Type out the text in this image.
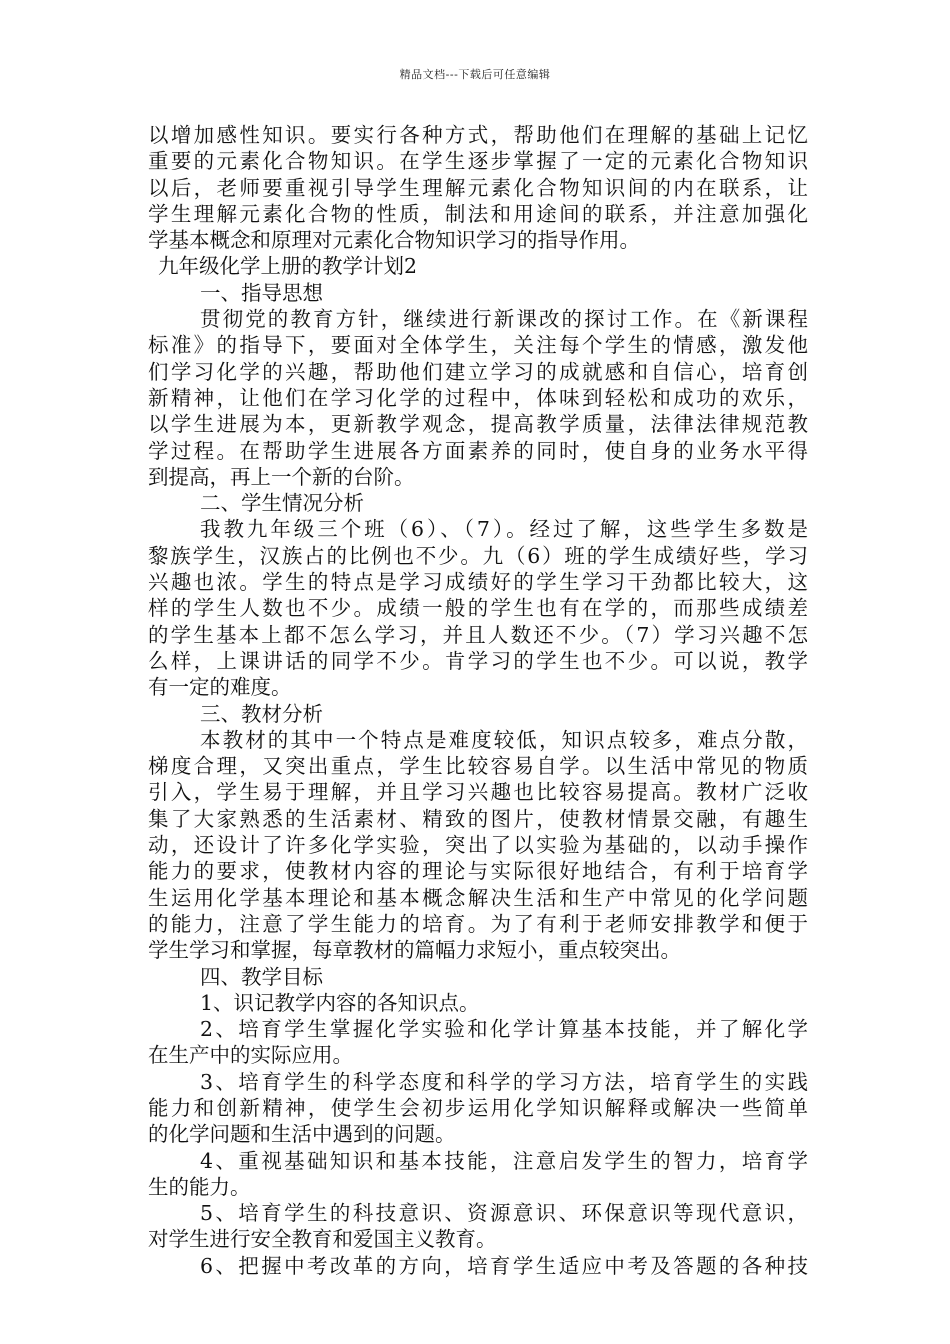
精品文档---下载后可任意编辑
以增加感性知识。要实行各种方式，帮助他们在理解的基础上记忆
重要的元素化合物知识。在学生逐步掌握了一定的元素化合物知识
以后，老师要重视引导学生理解元素化合物知识间的内在联系，让
学生理解元素化合物的性质，制法和用途间的联系，并注意加强化
学基本概念和原理对元素化合物知识学习的指导作用。
九年级化学上册的教学计划2
一、指导思想
贯彻党的教育方针，继续进行新课改的探讨工作。在《新课程
标准》的指导下，要面对全体学生，关注每个学生的情感，激发他
们学习化学的兴趣，帮助他们建立学习的成就感和自信心，培育创
新精神，让他们在学习化学的过程中，体味到轻松和成功的欢乐，
以学生进展为本，更新教学观念，提高教学质量，法律法律规范教
学过程。在帮助学生进展各方面素养的同时，使自身的业务水平得
到提高，再上一个新的台阶。
二、学生情况分析
我教九年级三个班（6）、（7）。经过了解，这些学生多数是
黎族学生，汉族占的比例也不少。九（6）班的学生成绩好些，学习
兴趣也浓。学生的特点是学习成绩好的学生学习干劲都比较大，这
样的学生人数也不少。成绩一般的学生也有在学的，而那些成绩差
的学生基本上都不怎么学习，并且人数还不少。（7）学习兴趣不怎
么样，上课讲话的同学不少。肯学习的学生也不少。可以说，教学
有一定的难度。
三、教材分析
本教材的其中一个特点是难度较低，知识点较多，难点分散，
梯度合理，又突出重点，学生比较容易自学。以生活中常见的物质
引入，学生易于理解，并且学习兴趣也比较容易提高。教材广泛收
集了大家熟悉的生活素材、精致的图片，使教材情景交融，有趣生
动，还设计了许多化学实验，突出了以实验为基础的，以动手操作
能力的要求，使教材内容的理论与实际很好地结合，有利于培育学
生运用化学基本理论和基本概念解决生活和生产中常见的化学问题
的能力，注意了学生能力的培育。为了有利于老师安排教学和便于
学生学习和掌握，每章教材的篇幅力求短小，重点较突出。
四、教学目标
1、识记教学内容的各知识点。
2、培育学生掌握化学实验和化学计算基本技能，并了解化学
在生产中的实际应用。
3、培育学生的科学态度和科学的学习方法，培育学生的实践
能力和创新精神，使学生会初步运用化学知识解释或解决一些简单
的化学问题和生活中遇到的问题。
4、重视基础知识和基本技能，注意启发学生的智力，培育学
生的能力。
5、培育学生的科技意识、资源意识、环保意识等现代意识，
对学生进行安全教育和爱国主义教育。
6、把握中考改革的方向，培育学生适应中考及答题的各种技
